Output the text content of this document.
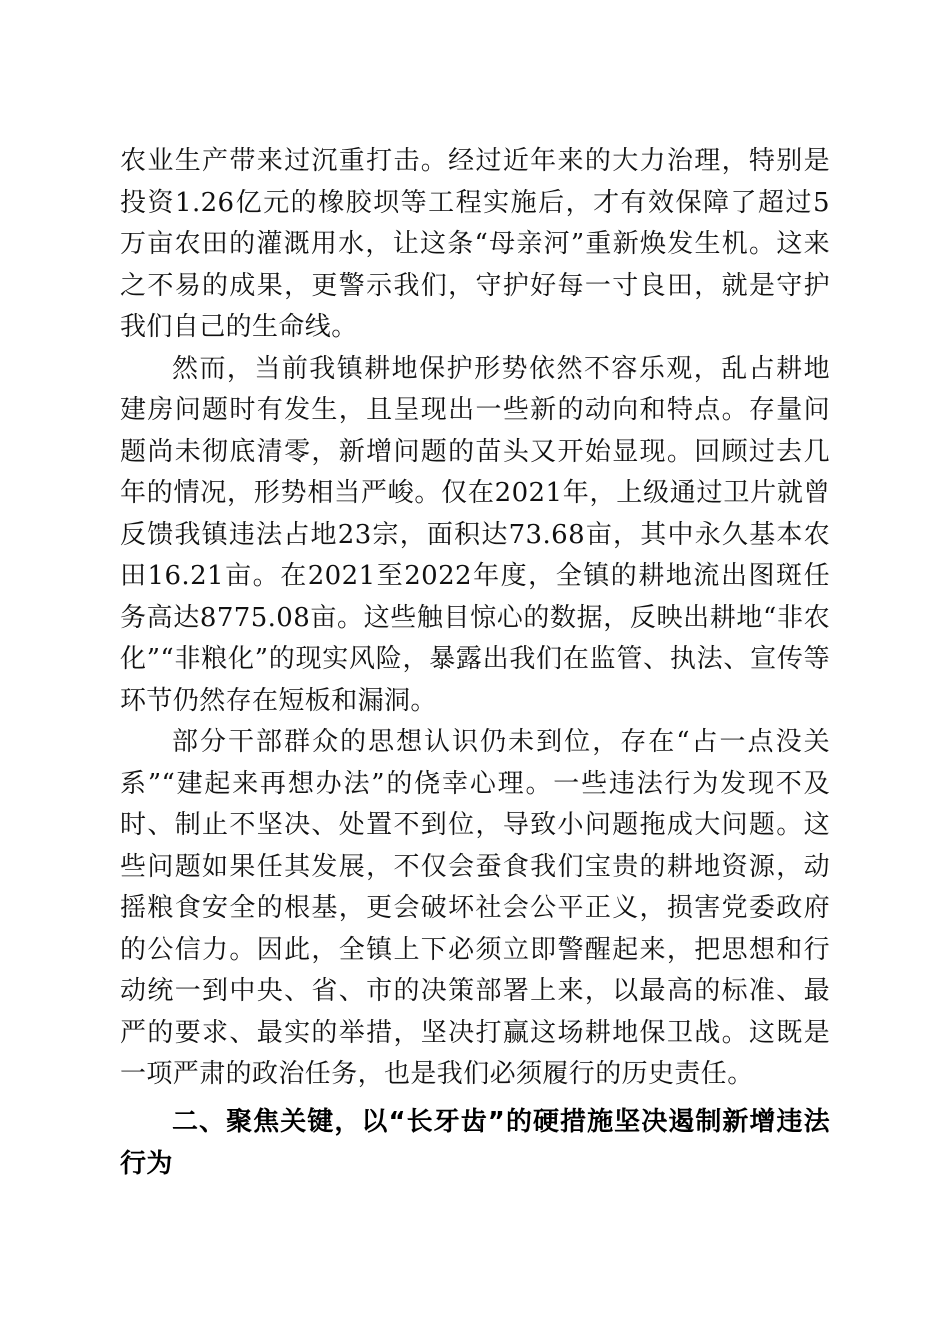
农业生产带来过沉重打击。经过近年来的大力治理，特别是投资1.26亿元的橡胶坝等工程实施后，才有效保障了超过5万亩农田的灌溉用水，让这条“母亲河”重新焕发生机。这来之不易的成果，更警示我们，守护好每一寸良田，就是守护我们自己的生命线。

然而，当前我镇耕地保护形势依然不容乐观，乱占耕地建房问题时有发生，且呈现出一些新的动向和特点。存量问题尚未彻底清零，新增问题的苗头又开始显现。回顾过去几年的情况，形势相当严峻。仅在2021年，上级通过卫片就曾反馈我镇违法占地23宗，面积达73.68亩，其中永久基本农田16.21亩。在2021至2022年度，全镇的耕地流出图斑任务高达8775.08亩。这些触目惊心的数据，反映出耕地“非农化”“非粮化”的现实风险，暴露出我们在监管、执法、宣传等环节仍然存在短板和漏洞。

部分干部群众的思想认识仍未到位，存在“占一点没关系”“建起来再想办法”的侥幸心理。一些违法行为发现不及时、制止不坚决、处置不到位，导致小问题拖成大问题。这些问题如果任其发展，不仅会蚕食我们宝贵的耕地资源，动摇粮食安全的根基，更会破坏社会公平正义，损害党委政府的公信力。因此，全镇上下必须立即警醒起来，把思想和行动统一到中央、省、市的决策部署上来，以最高的标准、最严的要求、最实的举措，坚决打赢这场耕地保卫战。这既是一项严肃的政治任务，也是我们必须履行的历史责任。

二、聚焦关键，以“长牙齿”的硬措施坚决遏制新增违法行为
